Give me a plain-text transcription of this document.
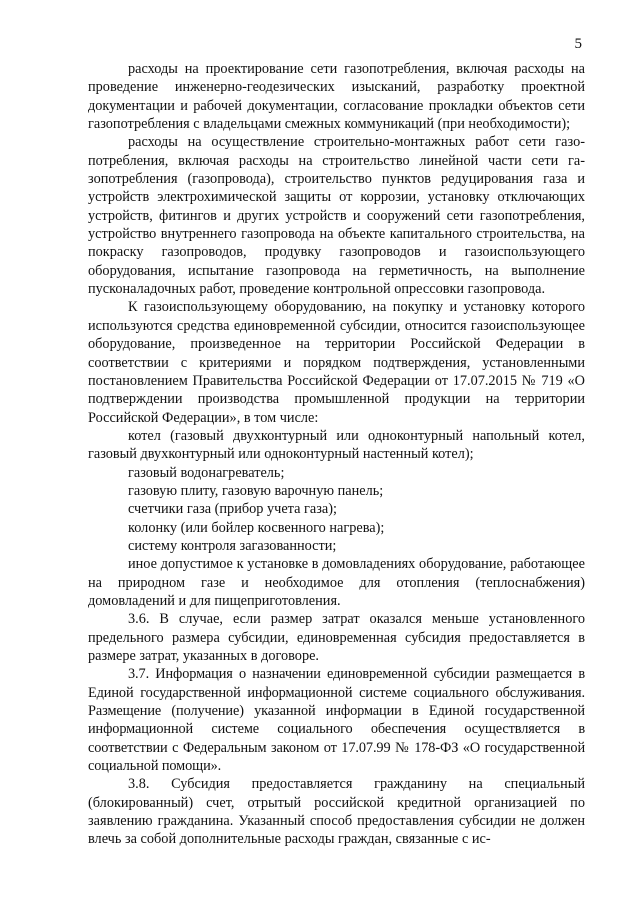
5

расходы на проектирование сети газопотребления, включая расходы на проведение инженерно-геодезических изысканий, разработку проектной документации и рабочей документации, согласование прокладки объектов сети газопотребления с владельцами смежных коммуникаций (при необходимости);

расходы на осуществление строительно-монтажных работ сети газопотребления, включая расходы на строительство линейной части сети газопотребления (газопровода), строительство пунктов редуцирования газа и устройств электрохимической защиты от коррозии, установку отключающих устройств, фитингов и других устройств и сооружений сети газопотребления, устройство внутреннего газопровода на объекте капитального строительства, на покраску газопроводов, продувку газопроводов и газоиспользующего оборудования, испытание газопровода на герметичность, на выполнение пусконаладочных работ, проведение контрольной опрессовки газопровода.

К газоиспользующему оборудованию, на покупку и установку которого используются средства единовременной субсидии, относится газоиспользующее оборудование, произведенное на территории Российской Федерации в соответствии с критериями и порядком подтверждения, установленными постановлением Правительства Российской Федерации от 17.07.2015 № 719 «О подтверждении производства промышленной продукции на территории Российской Федерации», в том числе:

котел (газовый двухконтурный или одноконтурный напольный котел, газовый двухконтурный или одноконтурный настенный котел);

газовый водонагреватель;

газовую плиту, газовую варочную панель;

счетчики газа (прибор учета газа);

колонку (или бойлер косвенного нагрева);

систему контроля загазованности;

иное допустимое к установке в домовладениях оборудование, работающее на природном газе и необходимое для отопления (теплоснабжения) домовладений и для пищеприготовления.

3.6. В случае, если размер затрат оказался меньше установленного предельного размера субсидии, единовременная субсидия предоставляется в размере затрат, указанных в договоре.

3.7. Информация о назначении единовременной субсидии размещается в Единой государственной информационной системе социального обслуживания. Размещение (получение) указанной информации в Единой государственной информационной системе социального обеспечения осуществляется в соответствии с Федеральным законом от 17.07.99 № 178-ФЗ «О государственной социальной помощи».

3.8. Субсидия предоставляется гражданину на специальный (блокированный) счет, отрытый российской кредитной организацией по заявлению гражданина. Указанный способ предоставления субсидии не должен влечь за собой дополнительные расходы граждан, связанные с ис-
